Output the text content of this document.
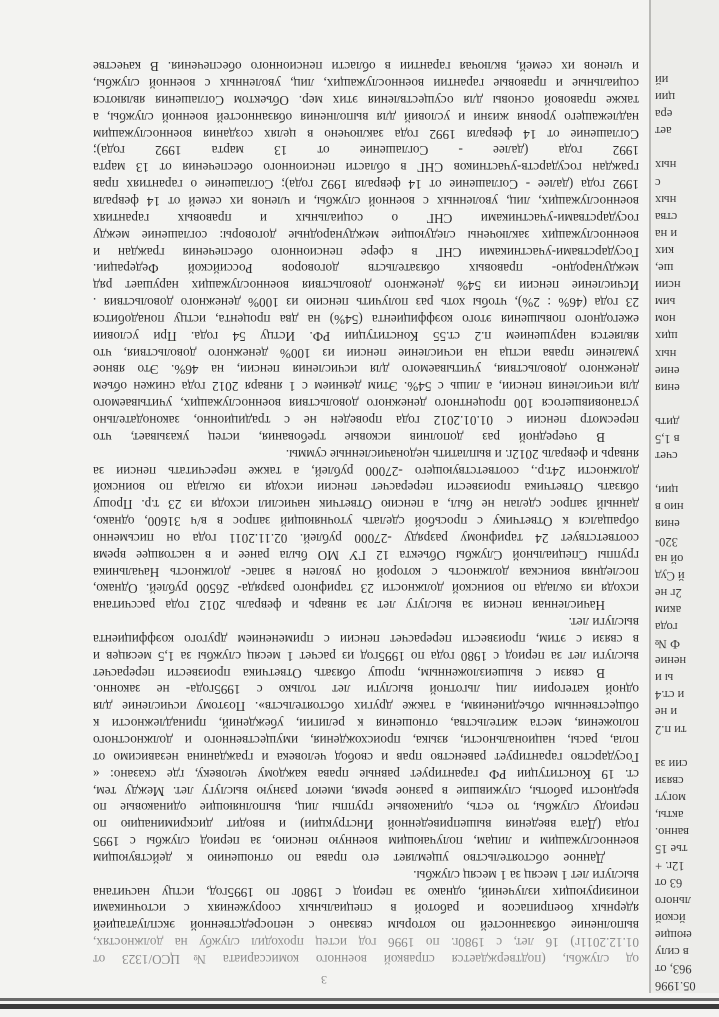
05.1996
963, от
в силу
еющие
йской
льного
63 от
12г. +
тье 15
ванно.
акты,
могут
связи
сии за
ти п.2
и не
и ст.4
ы и
нение
Ф №
года
аким
2г не
й Суд
ой на
320-
ения
нио в
ции,
счет
в 1,5
дить
ения
ение
ных
щих
ном
ьим
нсии
ше,
ких
и на
ства
ных
с
ных
ает
ера
ции
ий
3
од службы, (подтверждается справкой военного комиссариата №ЦСО/1323 от
01.12.2011г) 16 лет, с 1980г. по 1996 год истец проходил службу на должностях,
выполнение обязанностей по которым связано с непосредственной эксплуатацией
ядерных боеприпасов и работой в специальных сооружениях с источниками
ионизирующих излучений, однако за период с 1980г по 1995год, истцу насчитана
выслуги лет 1 месяц за 1 месяц службы.
Данное обстоятельство ущемляет его права по отношению к действующим
военнослужащим и лицам, получающим военную пенсию, за период службы с 1995
года (Дата введения вышеприведенной Инструкции) и вводит дискриминацию по
периоду службы, то есть, одинаковые группы лиц, выполняющие одинаковые по
вредности работы, служившие в разное время, имеют разную выслугу лет. Между тем,
ст. 19 Конституции РФ гарантирует равные права каждому человеку, где сказано: «
Государство гарантирует равенство прав и свобод человека и гражданина независимо от
пола, расы, национальности, языка, происхождения, имущественного и должностного
положения, места жительства, отношения к религии, убеждений, принадлежности к
общественным объединениям, а также других обстоятельств». Поэтому исчисление для
одной категории лиц льготной выслуги лет только с 1995года- не законно.
В связи с вышеизложенным, прошу обязать Ответчика произвести перерасчет
выслуги лет за период с 1980 года по 1995год из расчет 1 месяц службы за 1,5 месяцев и
в связи с этим, произвести перерасчет пенсии с применением другого коэффициента
выслуги лет.
Начисленная пенсия за выслугу лет за январь и февраль 2012 года рассчитана
исходя из оклада по воинской должности 23 тарифного разряда- 26500 рублей. Однако,
последняя воинская должность с которой он уволен в запас- должность Начальника
группы Специальной Службы Объекта 12 ГУ МО была ранее и в настоящее время
соответствует 24 тарифному разряду -27000 рублей. 02.11.2011 года он письменно
обращался к Ответчику с просьбой сделать уточняющий запрос в в/ч 31600, однако,
данный запрос сделан не был, а пенсию Ответчик начислил исходя из 23 т.р. Прошу
обязать Ответчика произвести перерасчет пенсии исходя из оклада по воинской
должности 24т.р., соответствующего -27000 рублей, а также пересчитать пенсии за
январь и февраль 2012г. и выплатить недоначисленные суммы.
В очередной раз дополнив исковые требования, истец указывает, что
пересмотр пенсии с 01.01.2012 года проведен не с традиционно, законодательно
установившегося 100 процентного денежного довольствия военнослужащих, учитываемого
для исчисления пенсии, а лишь с 54%. Этим деянием с 1 января 2012 года снижен объем
денежного довольствия, учитываемого для исчисления пенсии, на 46%. Это явное
умаление права истца на исчисление пенсии из 100% денежного довольствия, что
является нарушением п.2 ст.55 Конституции РФ. Истцу 54 года. При условии
ежегодного повышения этого коэффициента (54%) на два процента, истцу понадобится
23 года (46% : 2%), чтобы хоть раз получить пенсию из 100% денежного довольствия .
Исчисление пенсии из 54% денежного довольствия военнослужащих нарушает ряд
международно- правовых обязательств договоров Российской Федерации.
Государствами-участниками СНГ в сфере пенсионного обеспечения граждан и
военнослужащих заключены следующие международные договоры: соглашение между
государствами-участниками СНГ о социальных и правовых гарантиях
военнослужащих, лиц, уволенных с военной службы, и членов их семей от 14 февраля
1992 года (далее - Соглашение от 14 февраля 1992 года); Соглашение о гарантиях прав
граждан государств-участников СНГ в области пенсионного обеспечения от 13 марта
1992 года (далее - Соглашение от 13 марта 1992 года);
Соглашение от 14 февраля 1992 года заключено в целях создания военнослужащим
надлежащего уровня жизни и условий для выполнения обязанностей военной службы, а
также правовой основы для осуществления этих мер. Объектом Соглашения являются
социальные и правовые гарантии военнослужащих, лиц, уволенных с военной службы,
и членов их семей, включая гарантии в области пенсионного обеспечения. В качестве
